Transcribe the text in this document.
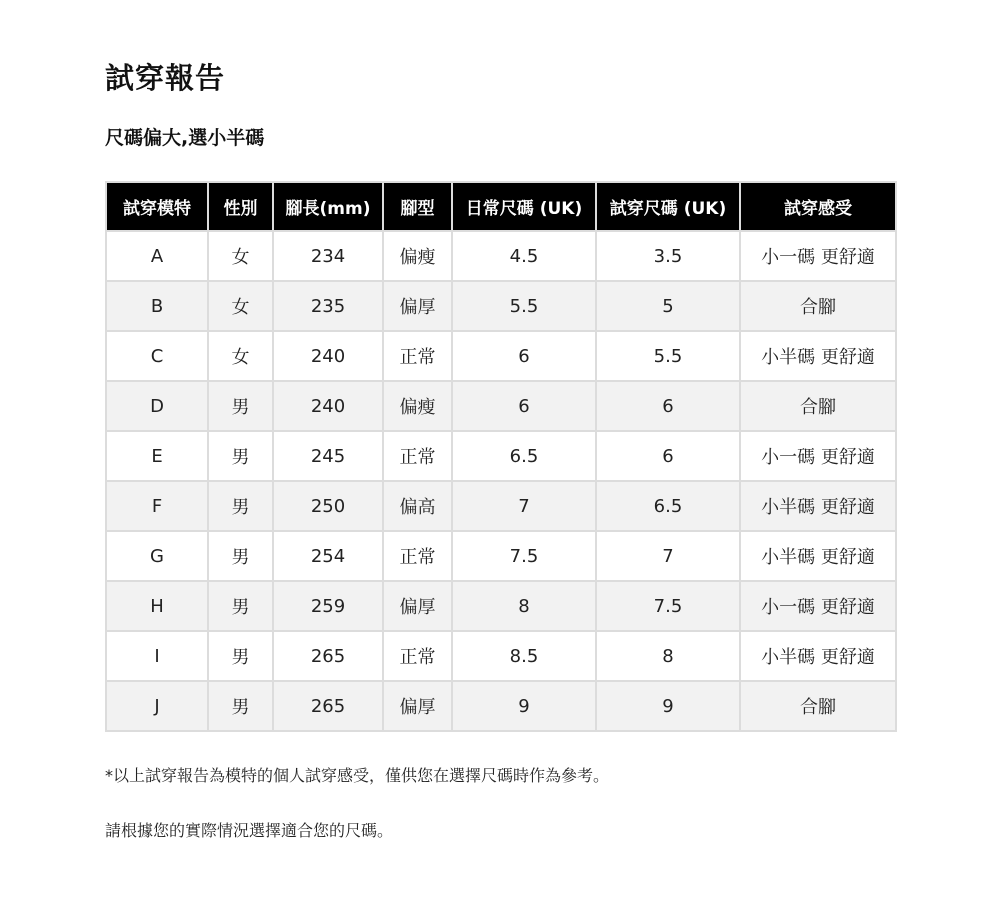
試穿報告
尺碼偏大,選小半碼
試穿模特	性別	腳長(mm)	腳型	日常尺碼 (UK)	試穿尺碼 (UK)	試穿感受
A	女	234	偏瘦	4.5	3.5	小一碼 更舒適
B	女	235	偏厚	5.5	5	合腳
C	女	240	正常	6	5.5	小半碼 更舒適
D	男	240	偏瘦	6	6	合腳
E	男	245	正常	6.5	6	小一碼 更舒適
F	男	250	偏高	7	6.5	小半碼 更舒適
G	男	254	正常	7.5	7	小半碼 更舒適
H	男	259	偏厚	8	7.5	小一碼 更舒適
I	男	265	正常	8.5	8	小半碼 更舒適
J	男	265	偏厚	9	9	合腳
*以上試穿報告為模特的個人試穿感受，僅供您在選擇尺碼時作為參考。
請根據您的實際情況選擇適合您的尺碼。
